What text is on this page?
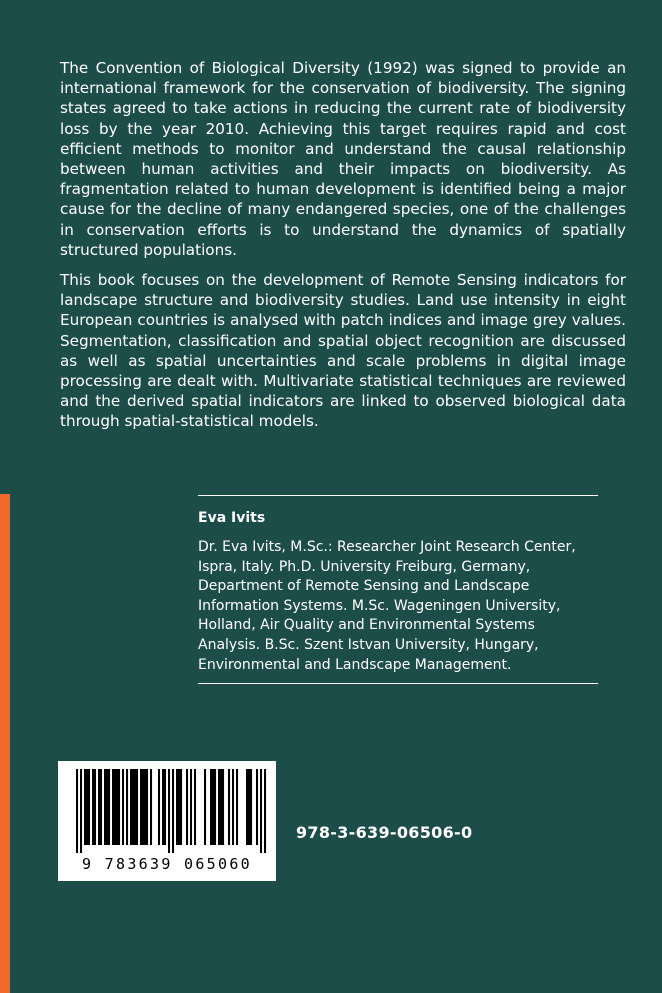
The Convention of Biological Diversity (1992) was signed to provide an international framework for the conservation of biodiversity. The signing states agreed to take actions in reducing the current rate of biodiversity loss by the year 2010. Achieving this target requires rapid and cost efficient methods to monitor and understand the causal relationship between human activities and their impacts on biodiversity. As fragmentation related to human development is identified being a major cause for the decline of many endangered species, one of the challenges in conservation efforts is to understand the dynamics of spatially structured populations.

This book focuses on the development of Remote Sensing indicators for landscape structure and biodiversity studies. Land use intensity in eight European countries is analysed with patch indices and image grey values. Segmentation, classification and spatial object recognition are discussed as well as spatial uncertainties and scale problems in digital image processing are dealt with. Multivariate statistical techniques are reviewed and the derived spatial indicators are linked to observed biological data through spatial-statistical models.

Eva Ivits
Dr. Eva Ivits, M.Sc.: Researcher Joint Research Center, Ispra, Italy. Ph.D. University Freiburg, Germany, Department of Remote Sensing and Landscape Information Systems. M.Sc. Wageningen University, Holland, Air Quality and Environmental Systems Analysis. B.Sc. Szent Istvan University, Hungary, Environmental and Landscape Management.
9 783639 065060
978-3-639-06506-0
